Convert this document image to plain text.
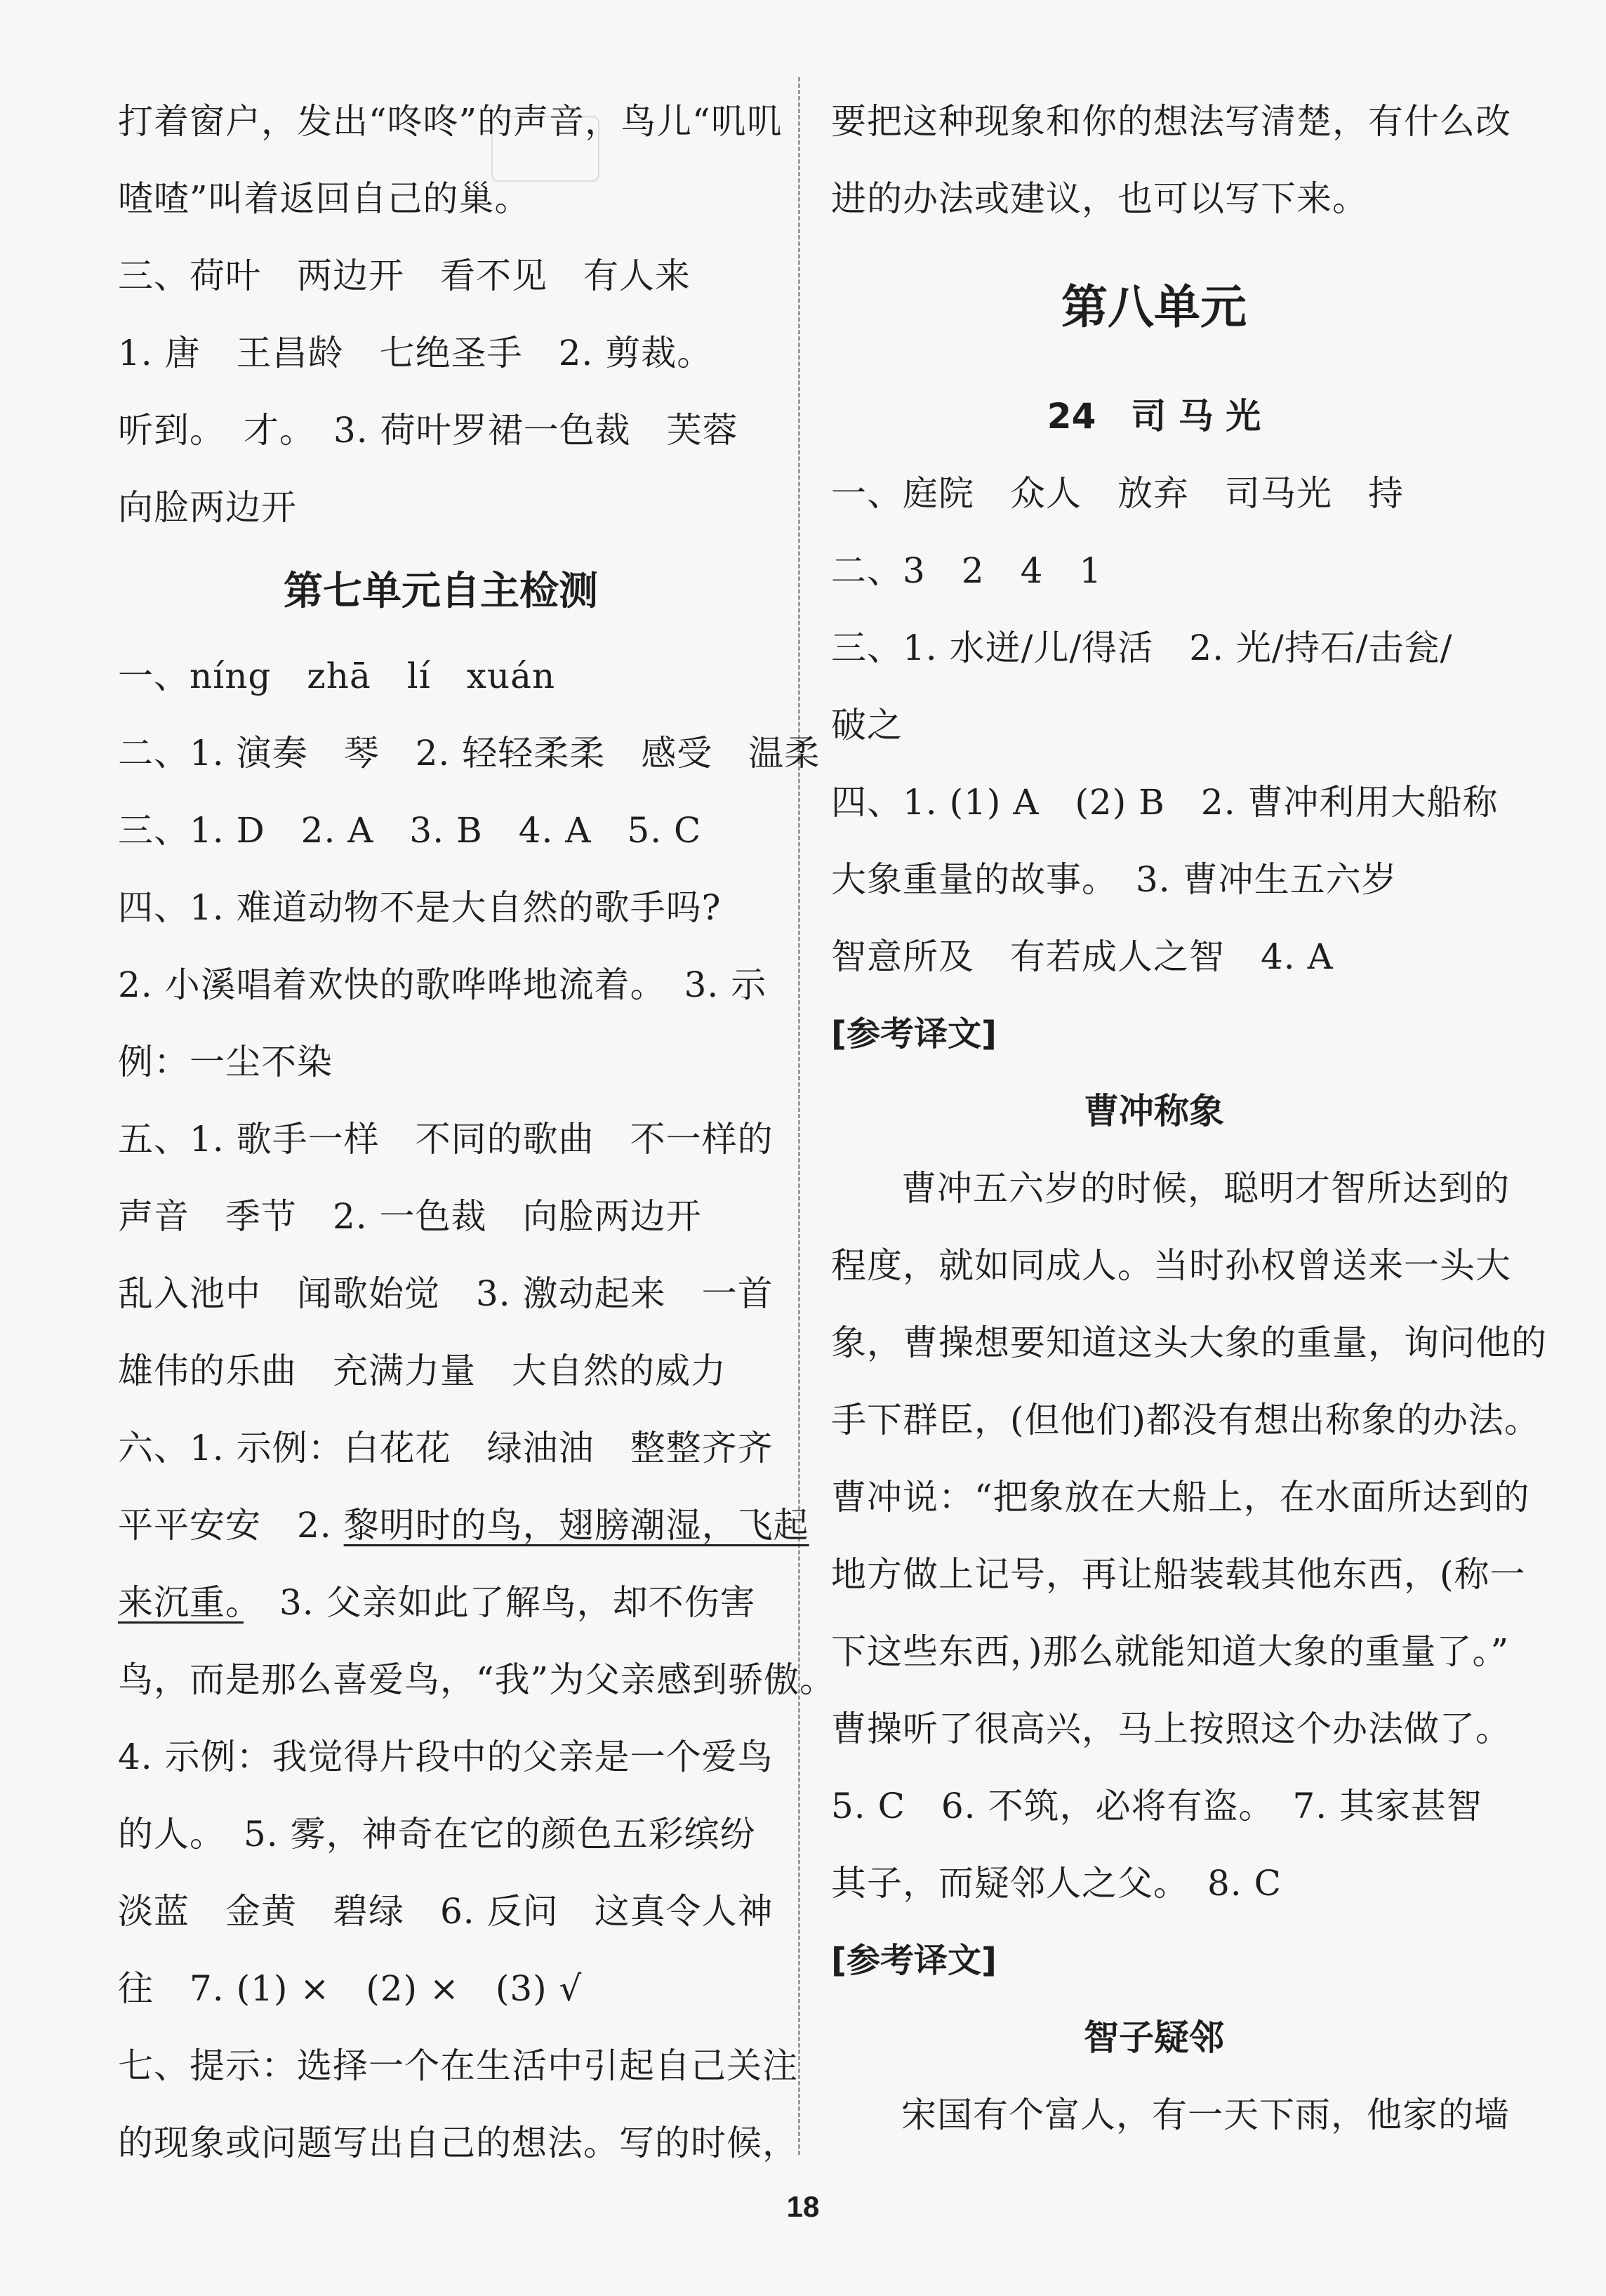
打着窗户，发出“咚咚”的声音，鸟儿“叽叽
喳喳”叫着返回自己的巢。
三、荷叶　两边开　看不见　有人来
1. 唐　王昌龄　七绝圣手　2. 剪裁。
听到。　才。　3. 荷叶罗裙一色裁　芙蓉
向脸两边开
第七单元自主检测
一、níng　zhā　lí　xuán
二、1. 演奏　琴　2. 轻轻柔柔　感受　温柔
三、1. D　2. A　3. B　4. A　5. C
四、1. 难道动物不是大自然的歌手吗?
2. 小溪唱着欢快的歌哗哗地流着。　3. 示
例：一尘不染
五、1. 歌手一样　不同的歌曲　不一样的
声音　季节　2. 一色裁　向脸两边开
乱入池中　闻歌始觉　3. 激动起来　一首
雄伟的乐曲　充满力量　大自然的威力
六、1. 示例：白花花　绿油油　整整齐齐
平平安安　2. 黎明时的鸟，翅膀潮湿，飞起
来沉重。　3. 父亲如此了解鸟，却不伤害
鸟，而是那么喜爱鸟，“我”为父亲感到骄傲。
4. 示例：我觉得片段中的父亲是一个爱鸟
的人。　5. 雾，神奇在它的颜色五彩缤纷
淡蓝　金黄　碧绿　6. 反问　这真令人神
往　7. (1) ×　(2) ×　(3) √
七、提示：选择一个在生活中引起自己关注
的现象或问题写出自己的想法。写的时候，
要把这种现象和你的想法写清楚，有什么改
进的办法或建议，也可以写下来。
第八单元
24　司 马 光
一、庭院　众人　放弃　司马光　持
二、3　2　4　1
三、1. 水迸/儿/得活　2. 光/持石/击瓮/
破之
四、1. (1) A　(2) B　2. 曹冲利用大船称
大象重量的故事。　3. 曹冲生五六岁
智意所及　有若成人之智　4. A
[参考译文]
曹冲称象
曹冲五六岁的时候，聪明才智所达到的
程度，就如同成人。当时孙权曾送来一头大
象，曹操想要知道这头大象的重量，询问他的
手下群臣，(但他们)都没有想出称象的办法。
曹冲说：“把象放在大船上，在水面所达到的
地方做上记号，再让船装载其他东西，(称一
下这些东西，)那么就能知道大象的重量了。”
曹操听了很高兴，马上按照这个办法做了。
5. C　6. 不筑，必将有盗。　7. 其家甚智
其子，而疑邻人之父。　8. C
[参考译文]
智子疑邻
宋国有个富人，有一天下雨，他家的墙
18
